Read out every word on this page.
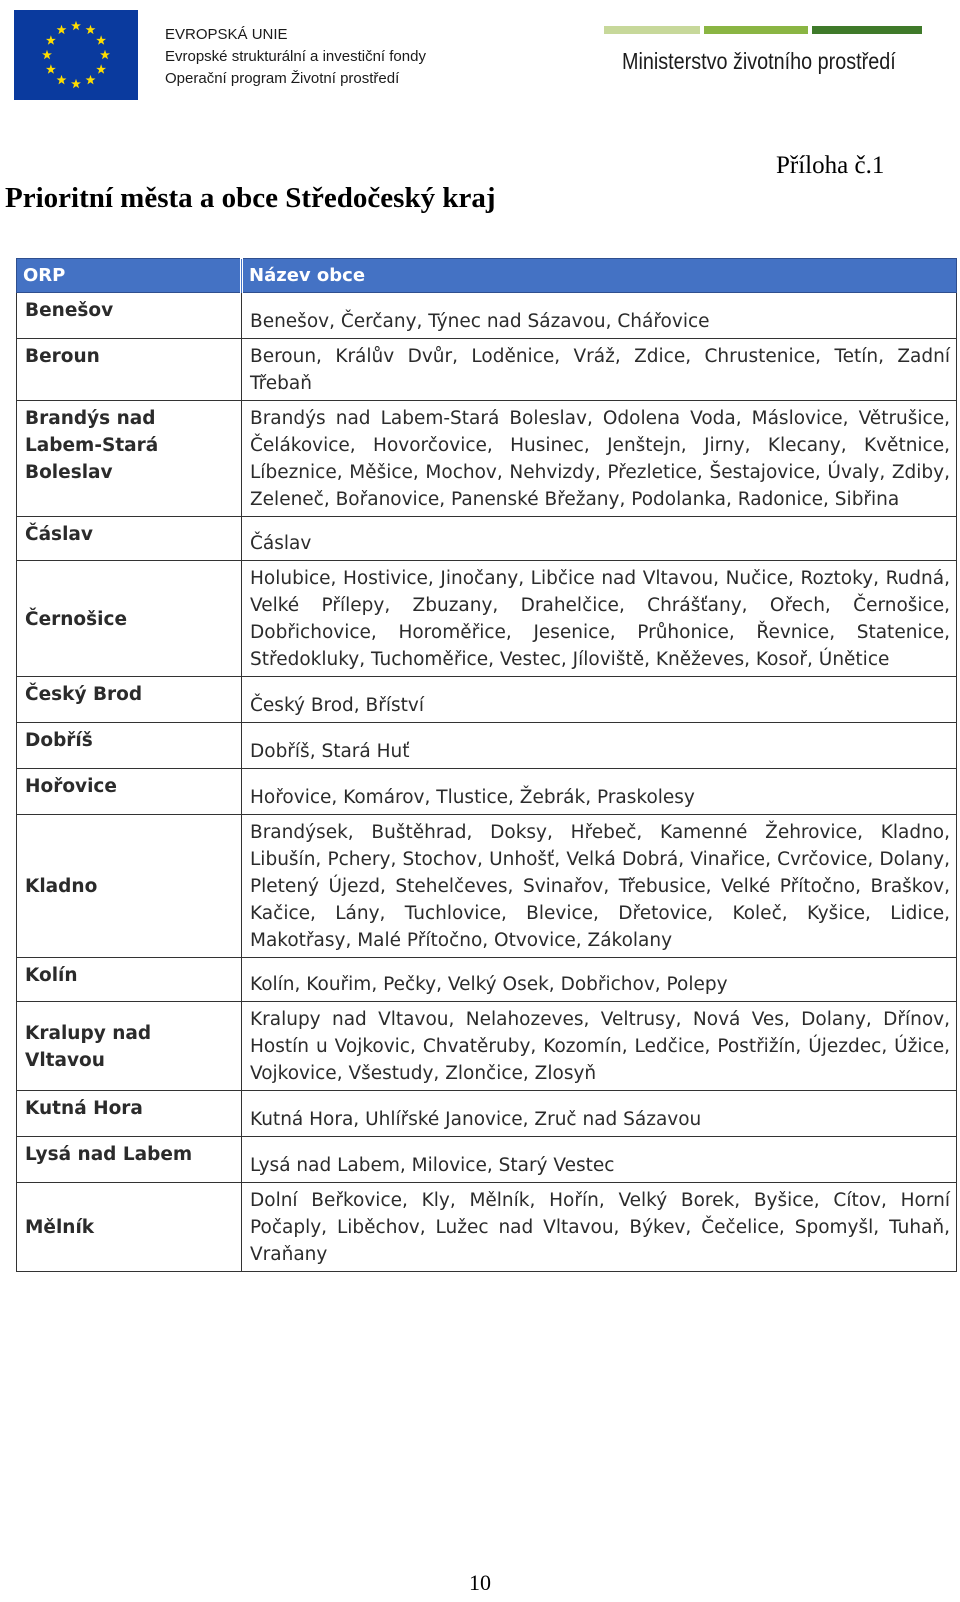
EVROPSKÁ UNIE
Evropské strukturální a investiční fondy
Operační program Životní prostředí
Ministerstvo životního prostředí
Příloha č.1
Prioritní města a obce Středočeský kraj
ORP	Název obce
Benešov	Benešov, Čerčany, Týnec nad Sázavou, Chářovice
Beroun	Beroun, Králův Dvůr, Loděnice, Vráž, Zdice, Chrustenice, Tetín, Zadní Třebaň
Brandýs nad Labem-Stará Boleslav	Brandýs nad Labem-Stará Boleslav, Odolena Voda, Máslovice, Větrušice, Čelákovice, Hovorčovice, Husinec, Jenštejn, Jirny, Klecany, Květnice, Líbeznice, Měšice, Mochov, Nehvizdy, Přezletice, Šestajovice, Úvaly, Zdiby, Zeleneč, Bořanovice, Panenské Břežany, Podolanka, Radonice, Sibřina
Čáslav	Čáslav
Černošice	Holubice, Hostivice, Jinočany, Libčice nad Vltavou, Nučice, Roztoky, Rudná, Velké Přílepy, Zbuzany, Drahelčice, Chrášťany, Ořech, Černošice, Dobřichovice, Horoměřice, Jesenice, Průhonice, Řevnice, Statenice, Středokluky, Tuchoměřice, Vestec, Jíloviště, Kněževes, Kosoř, Únětice
Český Brod	Český Brod, Bříství
Dobříš	Dobříš, Stará Huť
Hořovice	Hořovice, Komárov, Tlustice, Žebrák, Praskolesy
Kladno	Brandýsek, Buštěhrad, Doksy, Hřebeč, Kamenné Žehrovice, Kladno, Libušín, Pchery, Stochov, Unhošť, Velká Dobrá, Vinařice, Cvrčovice, Dolany, Pletený Újezd, Stehelčeves, Svinařov, Třebusice, Velké Přítočno, Braškov, Kačice, Lány, Tuchlovice, Blevice, Dřetovice, Koleč, Kyšice, Lidice, Makotřasy, Malé Přítočno, Otvovice, Zákolany
Kolín	Kolín, Kouřim, Pečky, Velký Osek, Dobřichov, Polepy
Kralupy nad Vltavou	Kralupy nad Vltavou, Nelahozeves, Veltrusy, Nová Ves, Dolany, Dřínov, Hostín u Vojkovic, Chvatěruby, Kozomín, Ledčice, Postřižín, Újezdec, Úžice, Vojkovice, Všestudy, Zlončice, Zlosyň
Kutná Hora	Kutná Hora, Uhlířské Janovice, Zruč nad Sázavou
Lysá nad Labem	Lysá nad Labem, Milovice, Starý Vestec
Mělník	Dolní Beřkovice, Kly, Mělník, Hořín, Velký Borek, Byšice, Cítov, Horní Počaply, Liběchov, Lužec nad Vltavou, Býkev, Čečelice, Spomyšl, Tuhaň, Vraňany
10
